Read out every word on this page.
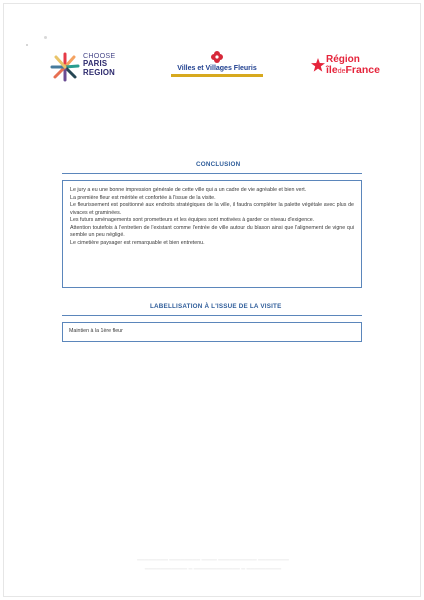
CHOOSE
PARIS
REGION	Villes et Villages Fleuris
Région
îledeFrance
CONCLUSION

Le jury a eu une bonne impression générale de cette ville qui a un cadre de vie agréable et bien vert.
La première fleur est méritée et confortée à l'issue de la visite.
Le fleurissement est positionné aux endroits stratégiques de la ville, il faudra compléter la palette végétale avec plus de vivaces et graminées.
Les futurs aménagements sont prometteurs et les équipes sont motivées à garder ce niveau d'exigence.
Attention toutefois à l'entretien de l'existant comme l'entrée de ville autour du blason ainsi que l'alignement de vigne qui semble un peu négligé.
Le cimetière paysager est remarquable et bien entretenu.

LABELLISATION À L'ISSUE DE LA VISITE
Maintien à la 1ère fleur
▁▁▁▁▁▁▁▁ ▁▁▁▁▁▁▁▁ ▁▁▁▁ ▁▁▁▁▁▁▁▁▁▁ ▁▁▁▁▁▁▁▁
▁▁▁▁▁▁▁▁▁▁▁ ▁ ▁▁▁▁▁▁▁▁▁▁▁▁ ▁ ▁▁▁▁▁▁▁▁▁
